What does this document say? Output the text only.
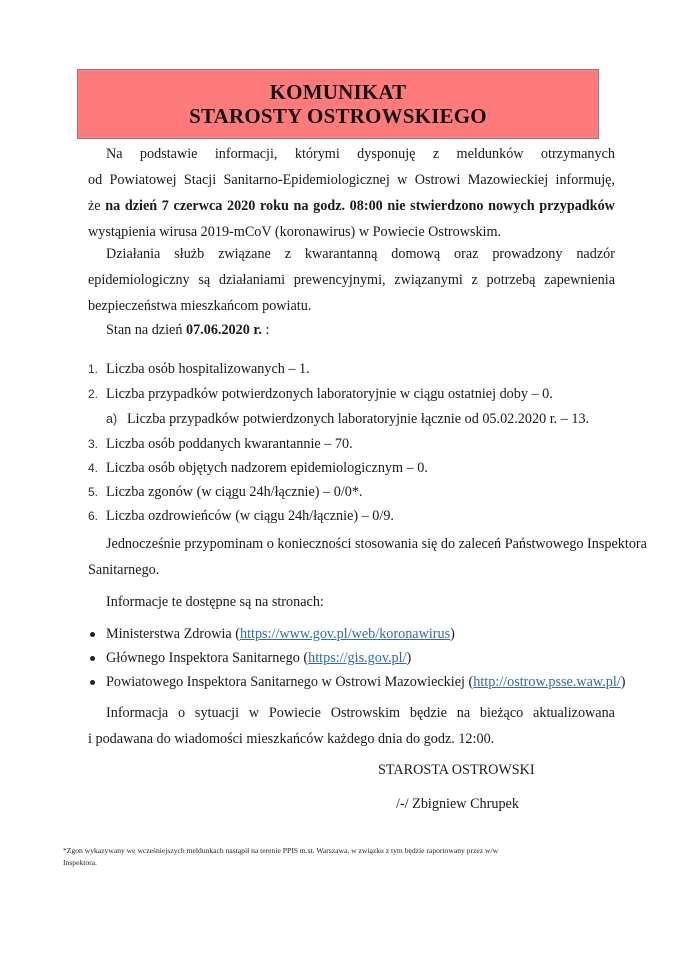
KOMUNIKAT
STAROSTY OSTROWSKIEGO
Na podstawie informacji, którymi dysponuję z meldunków otrzymanych
od Powiatowej Stacji Sanitarno-Epidemiologicznej w Ostrowi Mazowieckiej informuję,
że na dzień 7 czerwca 2020 roku na godz. 08:00 nie stwierdzono nowych przypadków
wystąpienia wirusa 2019-mCoV (koronawirus) w Powiecie Ostrowskim.
Działania służb związane z kwarantanną domową oraz prowadzony nadzór
epidemiologiczny są działaniami prewencyjnymi, związanymi z potrzebą zapewnienia
bezpieczeństwa mieszkańcom powiatu.
Stan na dzień 07.06.2020 r. :
1. Liczba osób hospitalizowanych – 1.
2. Liczba przypadków potwierdzonych laboratoryjnie w ciągu ostatniej doby – 0.
a) Liczba przypadków potwierdzonych laboratoryjnie łącznie od 05.02.2020 r. – 13.
3. Liczba osób poddanych kwarantannie – 70.
4. Liczba osób objętych nadzorem epidemiologicznym – 0.
5. Liczba zgonów (w ciągu 24h/łącznie) – 0/0*.
6. Liczba ozdrowieńców (w ciągu 24h/łącznie) – 0/9.
Jednocześnie przypominam o konieczności stosowania się do zaleceń Państwowego Inspektora
Sanitarnego.
Informacje te dostępne są na stronach:
Ministerstwa Zdrowia (https://www.gov.pl/web/koronawirus)
Głównego Inspektora Sanitarnego (https://gis.gov.pl/)
Powiatowego Inspektora Sanitarnego w Ostrowi Mazowieckiej (http://ostrow.psse.waw.pl/)
Informacja o sytuacji w Powiecie Ostrowskim będzie na bieżąco aktualizowana
i podawana do wiadomości mieszkańców każdego dnia do godz. 12:00.
STAROSTA OSTROWSKI
/-/ Zbigniew Chrupek
*Zgon wykazywany we wcześniejszych meldunkach nastąpił na terenie PPIS m.st. Warszawa, w związku z tym będzie raportowany przez w/w
Inspektora.
